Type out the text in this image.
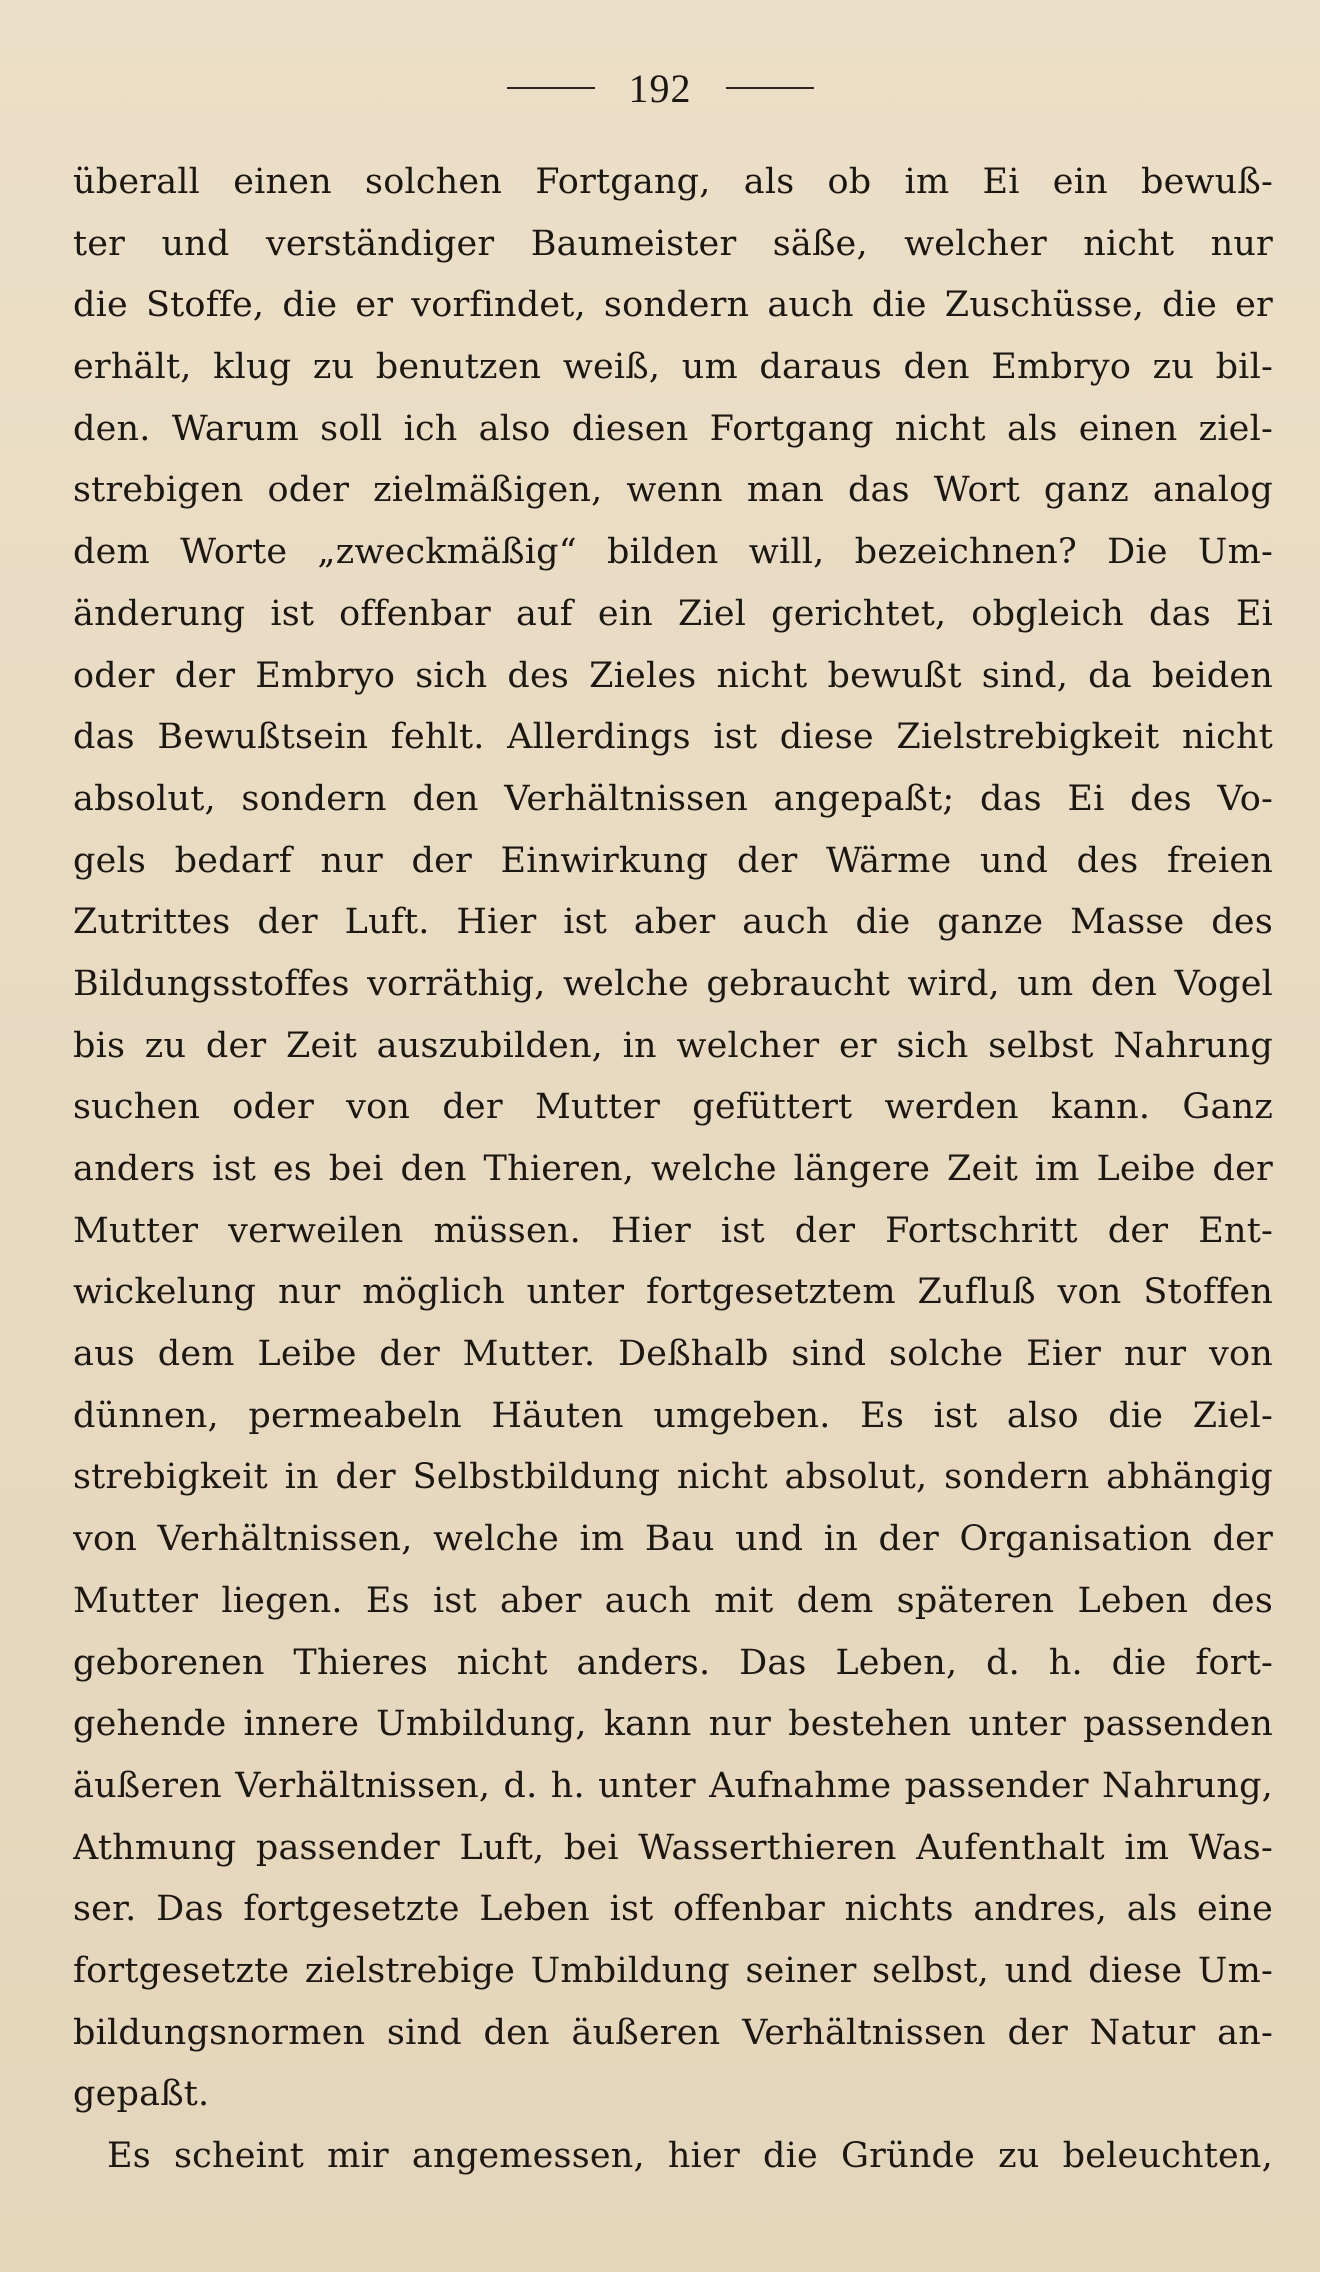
192
überall einen solchen Fortgang, als ob im Ei ein bewuß-
ter und verständiger Baumeister säße, welcher nicht nur
die Stoffe, die er vorfindet, sondern auch die Zuschüsse, die er
erhält, klug zu benutzen weiß, um daraus den Embryo zu bil-
den. Warum soll ich also diesen Fortgang nicht als einen ziel-
strebigen oder zielmäßigen, wenn man das Wort ganz analog
dem Worte „zweckmäßig“ bilden will, bezeichnen? Die Um-
änderung ist offenbar auf ein Ziel gerichtet, obgleich das Ei
oder der Embryo sich des Zieles nicht bewußt sind, da beiden
das Bewußtsein fehlt. Allerdings ist diese Zielstrebigkeit nicht
absolut, sondern den Verhältnissen angepaßt; das Ei des Vo-
gels bedarf nur der Einwirkung der Wärme und des freien
Zutrittes der Luft. Hier ist aber auch die ganze Masse des
Bildungsstoffes vorräthig, welche gebraucht wird, um den Vogel
bis zu der Zeit auszubilden, in welcher er sich selbst Nahrung
suchen oder von der Mutter gefüttert werden kann. Ganz
anders ist es bei den Thieren, welche längere Zeit im Leibe der
Mutter verweilen müssen. Hier ist der Fortschritt der Ent-
wickelung nur möglich unter fortgesetztem Zufluß von Stoffen
aus dem Leibe der Mutter. Deßhalb sind solche Eier nur von
dünnen, permeabeln Häuten umgeben. Es ist also die Ziel-
strebigkeit in der Selbstbildung nicht absolut, sondern abhängig
von Verhältnissen, welche im Bau und in der Organisation der
Mutter liegen. Es ist aber auch mit dem späteren Leben des
geborenen Thieres nicht anders. Das Leben, d. h. die fort-
gehende innere Umbildung, kann nur bestehen unter passenden
äußeren Verhältnissen, d. h. unter Aufnahme passender Nahrung,
Athmung passender Luft, bei Wasserthieren Aufenthalt im Was-
ser. Das fortgesetzte Leben ist offenbar nichts andres, als eine
fortgesetzte zielstrebige Umbildung seiner selbst, und diese Um-
bildungsnormen sind den äußeren Verhältnissen der Natur an-
gepaßt.
Es scheint mir angemessen, hier die Gründe zu beleuchten,
